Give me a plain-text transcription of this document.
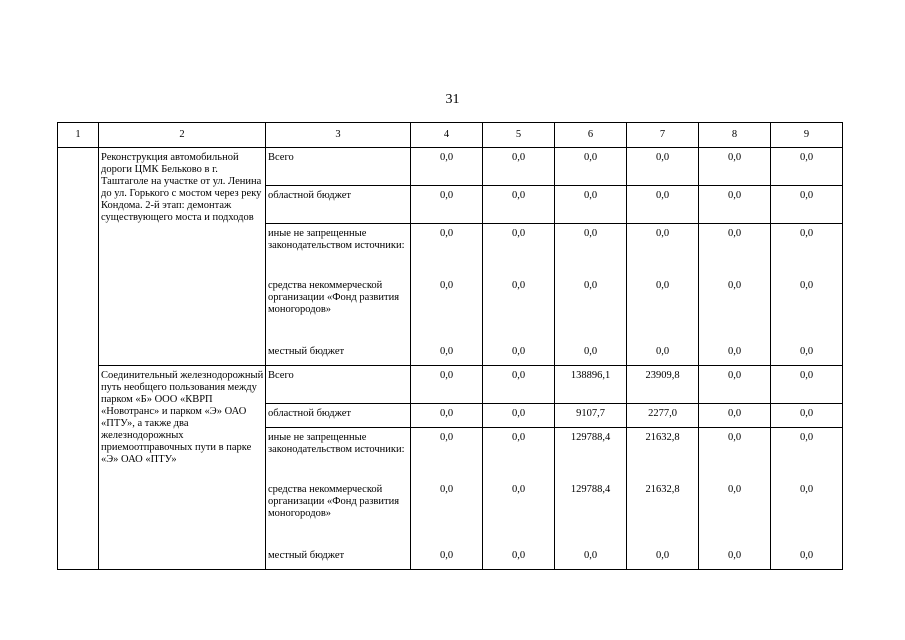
31
1	2	3	4	5	6	7	8	9

	Реконструкция автомобильной дороги ЦМК Бельково в г. Таштаголе на участке от ул. Ленина до ул. Горького с мостом через реку Кондома. 2-й этап: демонтаж существующего моста и подходов	Всего	0,0	0,0	0,0	0,0	0,0	0,0

		областной бюджет	0,0	0,0	0,0	0,0	0,0	0,0

		иные не запрещенные законодательством источники:	0,0	0,0	0,0	0,0	0,0	0,0

		средства некоммерческой организации «Фонд развития моногородов»	0,0	0,0	0,0	0,0	0,0	0,0

		местный бюджет	0,0	0,0	0,0	0,0	0,0	0,0

	Соединительный железнодорожный путь необщего пользования между парком «Б» ООО «КВРП «Новотранс» и парком «Э» ОАО «ПТУ», а также два железнодорожных приемоотправочных пути в парке «Э» ОАО «ПТУ»	Всего	0,0	0,0	138896,1	23909,8	0,0	0,0

		областной бюджет	0,0	0,0	9107,7	2277,0	0,0	0,0

		иные не запрещенные законодательством источники:	0,0	0,0	129788,4	21632,8	0,0	0,0

		средства некоммерческой организации «Фонд развития моногородов»	0,0	0,0	129788,4	21632,8	0,0	0,0

		местный бюджет	0,0	0,0	0,0	0,0	0,0	0,0
